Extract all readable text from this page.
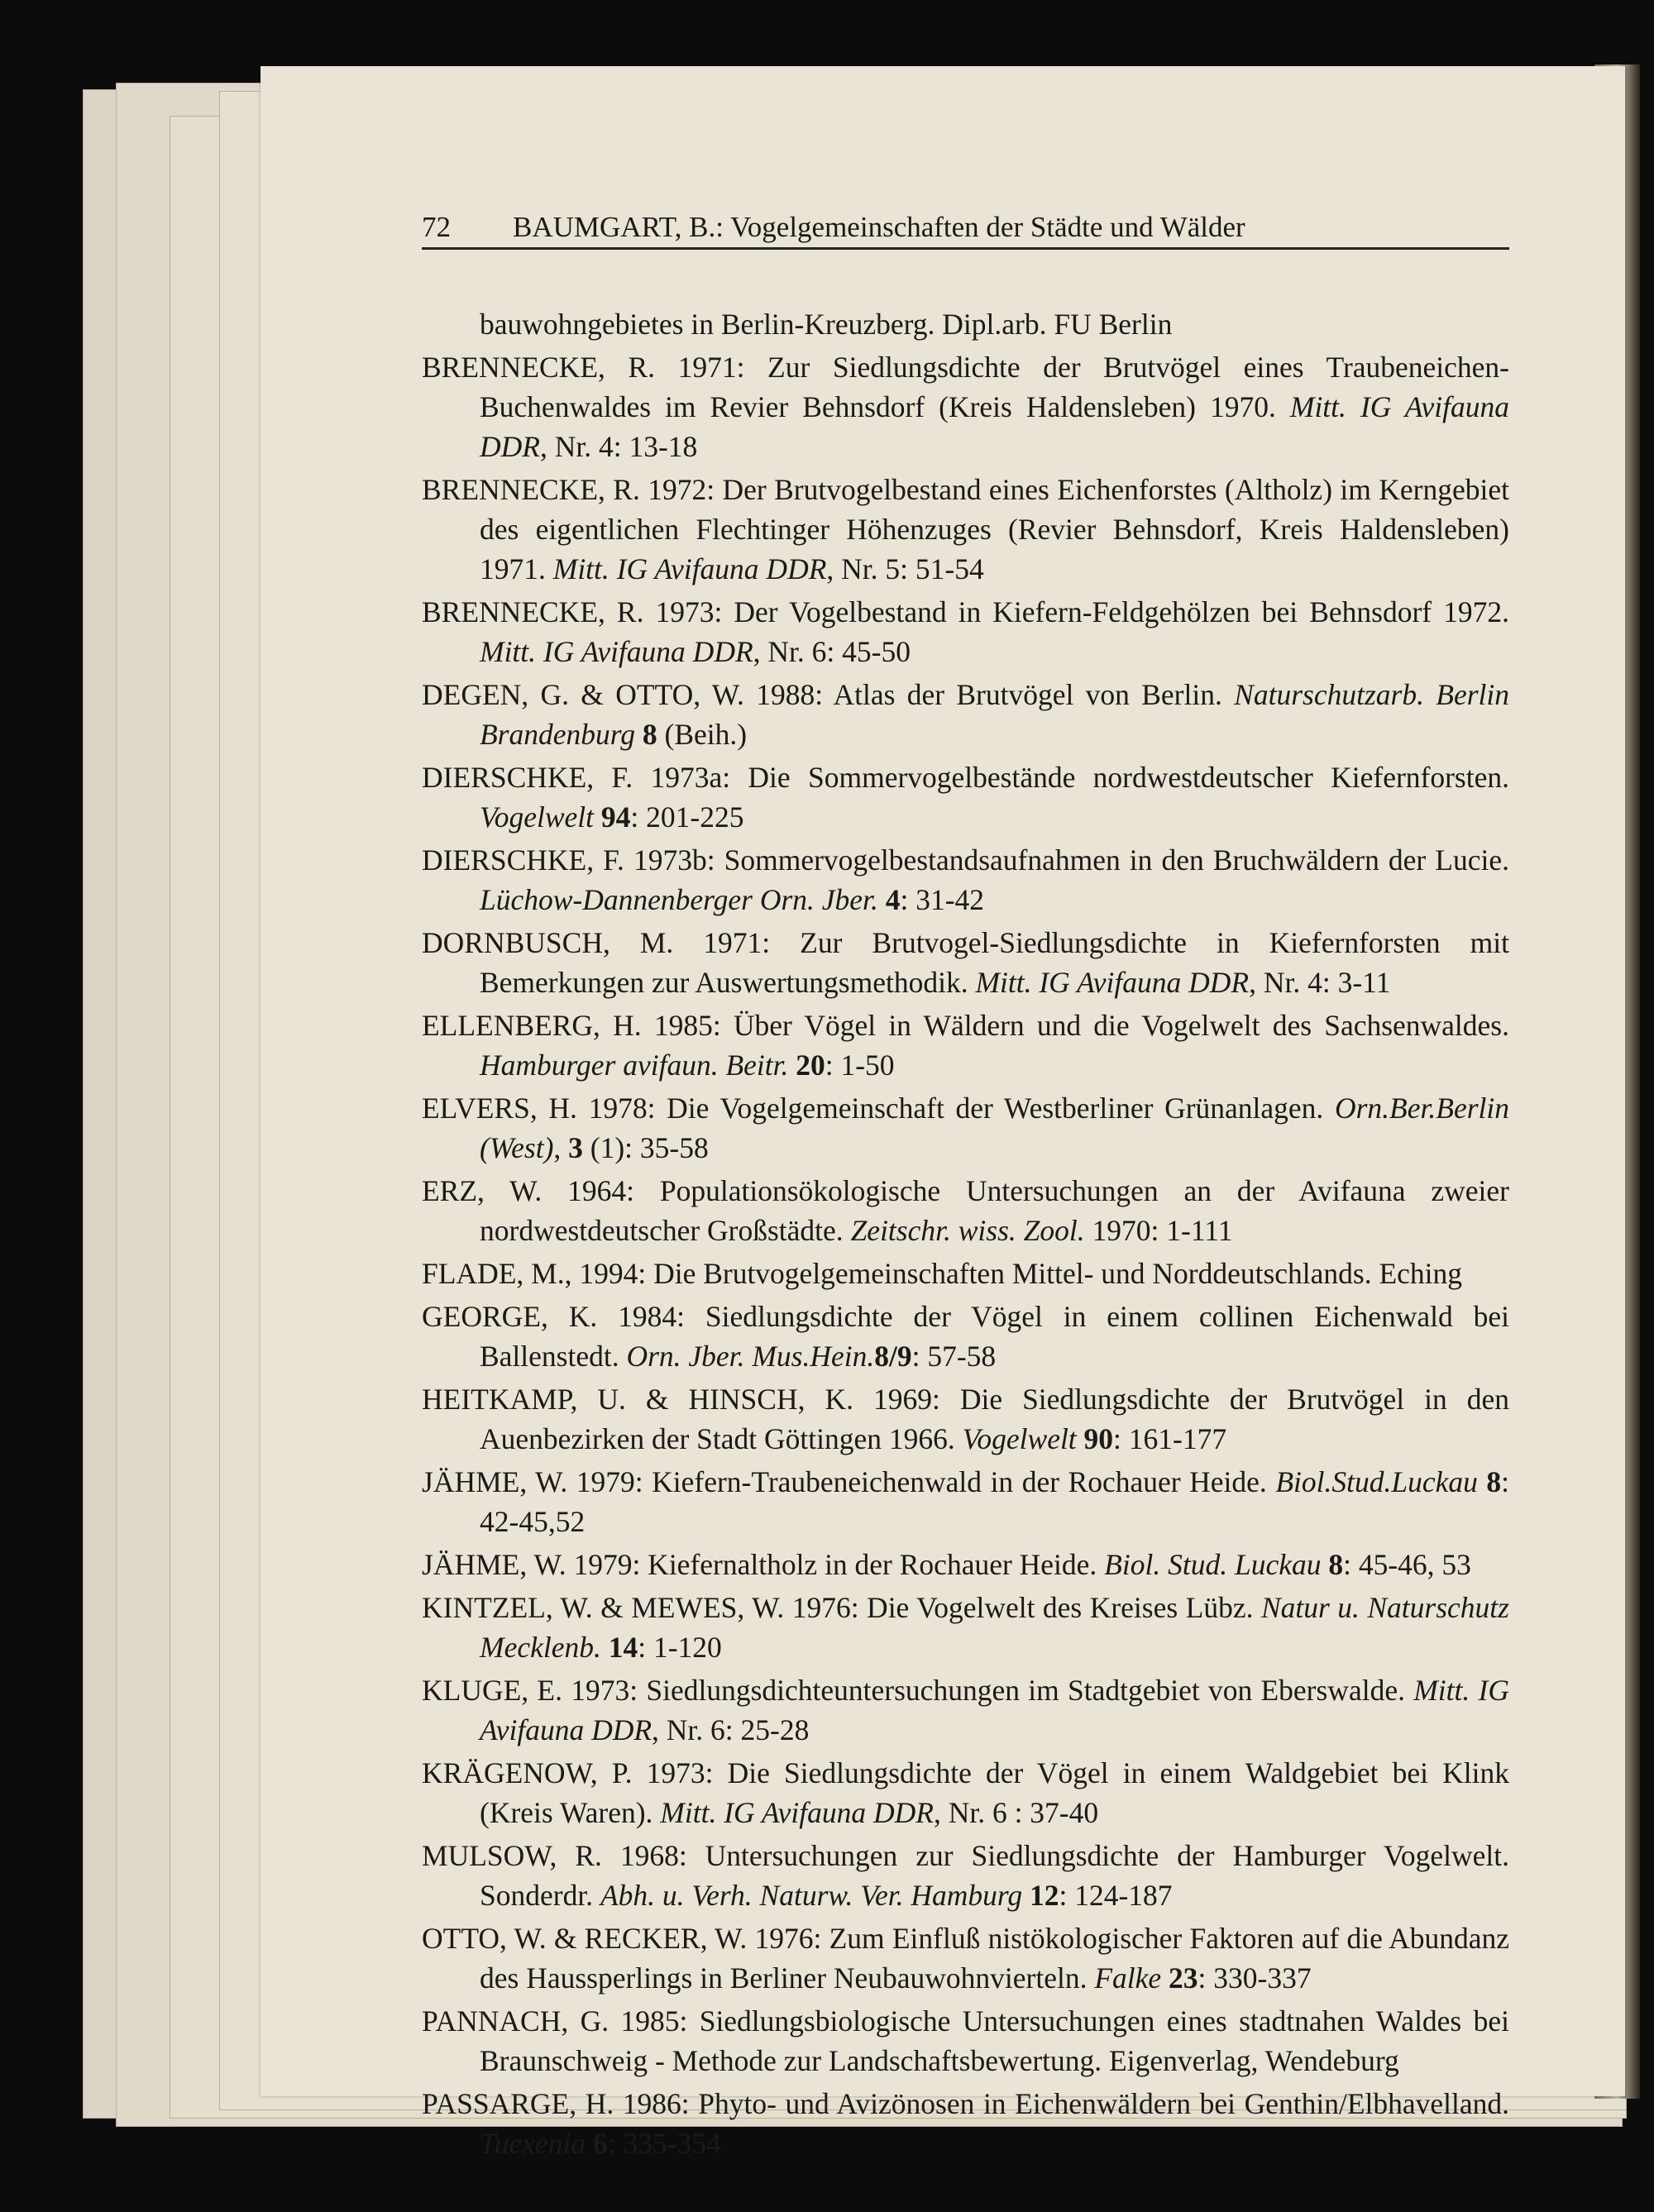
72 BAUMGART, B.: Vogelgemeinschaften der Städte und Wälder

bauwohngebietes in Berlin-Kreuzberg. Dipl.arb. FU Berlin

BRENNECKE, R. 1971: Zur Siedlungsdichte der Brutvögel eines Traubeneichen-Buchenwaldes im Revier Behnsdorf (Kreis Haldensleben) 1970. Mitt. IG Avifauna DDR, Nr. 4: 13-18

BRENNECKE, R. 1972: Der Brutvogelbestand eines Eichenforstes (Altholz) im Kerngebiet des eigentlichen Flechtinger Höhenzuges (Revier Behnsdorf, Kreis Haldensleben) 1971. Mitt. IG Avifauna DDR, Nr. 5: 51-54

BRENNECKE, R. 1973: Der Vogelbestand in Kiefern-Feldgehölzen bei Behnsdorf 1972. Mitt. IG Avifauna DDR, Nr. 6: 45-50

DEGEN, G. & OTTO, W. 1988: Atlas der Brutvögel von Berlin. Naturschutzarb. Berlin Brandenburg 8 (Beih.)

DIERSCHKE, F. 1973a: Die Sommervogelbestände nordwestdeutscher Kiefernforsten. Vogelwelt 94: 201-225

DIERSCHKE, F. 1973b: Sommervogelbestandsaufnahmen in den Bruchwäldern der Lucie. Lüchow-Dannenberger Orn. Jber. 4: 31-42

DORNBUSCH, M. 1971: Zur Brutvogel-Siedlungsdichte in Kiefernforsten mit Bemerkungen zur Auswertungsmethodik. Mitt. IG Avifauna DDR, Nr. 4: 3-11

ELLENBERG, H. 1985: Über Vögel in Wäldern und die Vogelwelt des Sachsenwaldes. Hamburger avifaun. Beitr. 20: 1-50

ELVERS, H. 1978: Die Vogelgemeinschaft der Westberliner Grünanlagen. Orn.Ber.Berlin (West), 3 (1): 35-58

ERZ, W. 1964: Populationsökologische Untersuchungen an der Avifauna zweier nordwestdeutscher Großstädte. Zeitschr. wiss. Zool. 1970: 1-111

FLADE, M., 1994: Die Brutvogelgemeinschaften Mittel- und Norddeutschlands. Eching

GEORGE, K. 1984: Siedlungsdichte der Vögel in einem collinen Eichenwald bei Ballenstedt. Orn. Jber. Mus.Hein.8/9: 57-58

HEITKAMP, U. & HINSCH, K. 1969: Die Siedlungsdichte der Brutvögel in den Auenbezirken der Stadt Göttingen 1966. Vogelwelt 90: 161-177

JÄHME, W. 1979: Kiefern-Traubeneichenwald in der Rochauer Heide. Biol.Stud.Luckau 8: 42-45,52

JÄHME, W. 1979: Kiefernaltholz in der Rochauer Heide. Biol. Stud. Luckau 8: 45-46, 53

KINTZEL, W. & MEWES, W. 1976: Die Vogelwelt des Kreises Lübz. Natur u. Naturschutz Mecklenb. 14: 1-120

KLUGE, E. 1973: Siedlungsdichteuntersuchungen im Stadtgebiet von Eberswalde. Mitt. IG Avifauna DDR, Nr. 6: 25-28

KRÄGENOW, P. 1973: Die Siedlungsdichte der Vögel in einem Waldgebiet bei Klink (Kreis Waren). Mitt. IG Avifauna DDR, Nr. 6 : 37-40

MULSOW, R. 1968: Untersuchungen zur Siedlungsdichte der Hamburger Vogelwelt. Sonderdr. Abh. u. Verh. Naturw. Ver. Hamburg 12: 124-187

OTTO, W. & RECKER, W. 1976: Zum Einfluß nistökologischer Faktoren auf die Abundanz des Haussperlings in Berliner Neubauwohnvierteln. Falke 23: 330-337

PANNACH, G. 1985: Siedlungsbiologische Untersuchungen eines stadtnahen Waldes bei Braunschweig - Methode zur Landschaftsbewertung. Eigenverlag, Wendeburg

PASSARGE, H. 1986: Phyto- und Avizönosen in Eichenwäldern bei Genthin/Elbhavelland. Tuexenia 6: 335-354
